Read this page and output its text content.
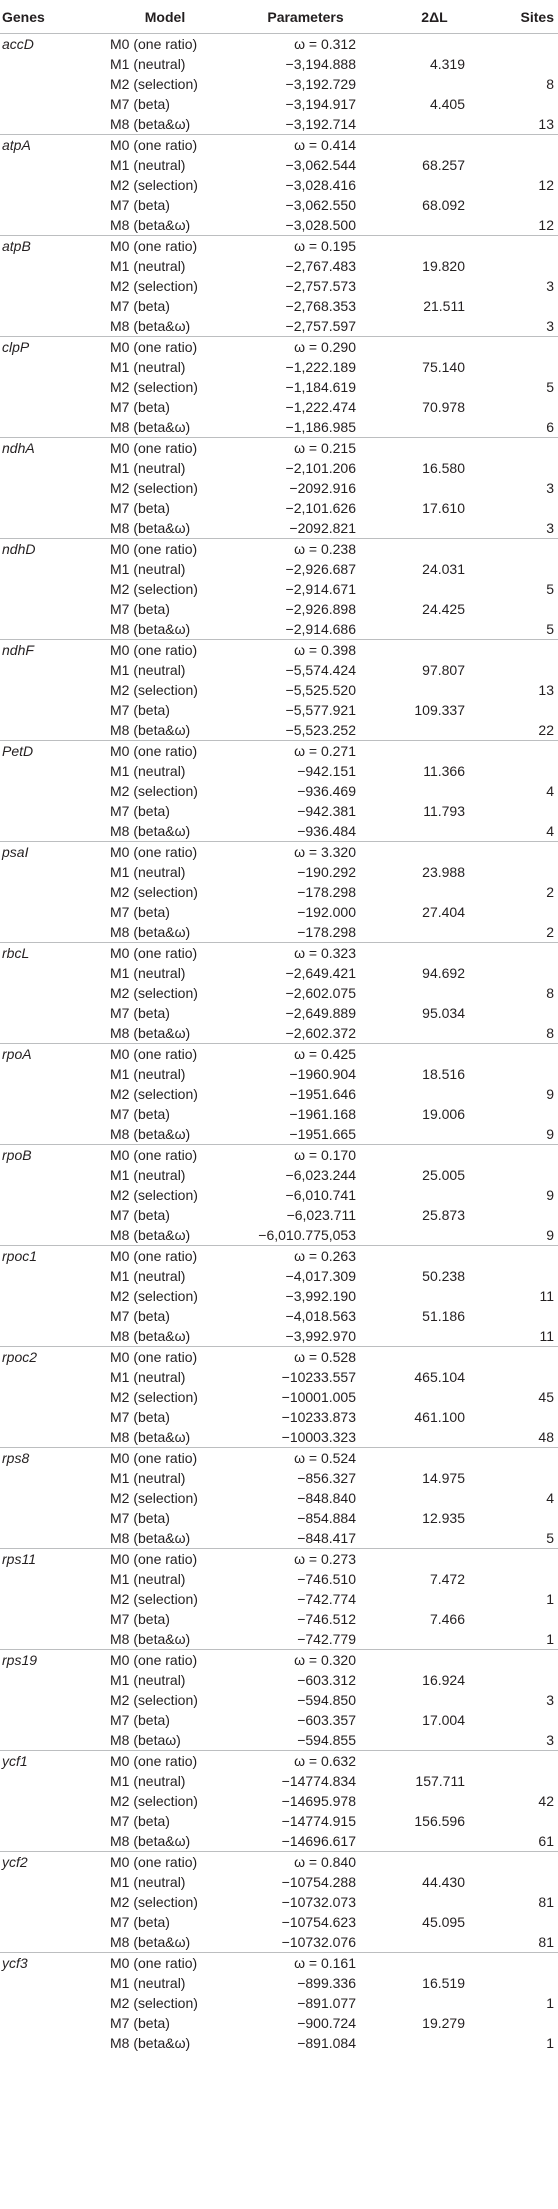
Genes	Model	Parameters	2ΔL	Sites
accD	M0 (one ratio)	ω = 0.312		
	M1 (neutral)	−3,194.888	4.319	
	M2 (selection)	−3,192.729		8
	M7 (beta)	−3,194.917	4.405	
	M8 (beta&ω)	−3,192.714		13
atpA	M0 (one ratio)	ω = 0.414		
	M1 (neutral)	−3,062.544	68.257	
	M2 (selection)	−3,028.416		12
	M7 (beta)	−3,062.550	68.092	
	M8 (beta&ω)	−3,028.500		12
atpB	M0 (one ratio)	ω = 0.195		
	M1 (neutral)	−2,767.483	19.820	
	M2 (selection)	−2,757.573		3
	M7 (beta)	−2,768.353	21.511	
	M8 (beta&ω)	−2,757.597		3
clpP	M0 (one ratio)	ω = 0.290		
	M1 (neutral)	−1,222.189	75.140	
	M2 (selection)	−1,184.619		5
	M7 (beta)	−1,222.474	70.978	
	M8 (beta&ω)	−1,186.985		6
ndhA	M0 (one ratio)	ω = 0.215		
	M1 (neutral)	−2,101.206	16.580	
	M2 (selection)	−2092.916		3
	M7 (beta)	−2,101.626	17.610	
	M8 (beta&ω)	−2092.821		3
ndhD	M0 (one ratio)	ω = 0.238		
	M1 (neutral)	−2,926.687	24.031	
	M2 (selection)	−2,914.671		5
	M7 (beta)	−2,926.898	24.425	
	M8 (beta&ω)	−2,914.686		5
ndhF	M0 (one ratio)	ω = 0.398		
	M1 (neutral)	−5,574.424	97.807	
	M2 (selection)	−5,525.520		13
	M7 (beta)	−5,577.921	109.337	
	M8 (beta&ω)	−5,523.252		22
PetD	M0 (one ratio)	ω = 0.271		
	M1 (neutral)	−942.151	11.366	
	M2 (selection)	−936.469		4
	M7 (beta)	−942.381	11.793	
	M8 (beta&ω)	−936.484		4
psaI	M0 (one ratio)	ω = 3.320		
	M1 (neutral)	−190.292	23.988	
	M2 (selection)	−178.298		2
	M7 (beta)	−192.000	27.404	
	M8 (beta&ω)	−178.298		2
rbcL	M0 (one ratio)	ω = 0.323		
	M1 (neutral)	−2,649.421	94.692	
	M2 (selection)	−2,602.075		8
	M7 (beta)	−2,649.889	95.034	
	M8 (beta&ω)	−2,602.372		8
rpoA	M0 (one ratio)	ω = 0.425		
	M1 (neutral)	−1960.904	18.516	
	M2 (selection)	−1951.646		9
	M7 (beta)	−1961.168	19.006	
	M8 (beta&ω)	−1951.665		9
rpoB	M0 (one ratio)	ω = 0.170		
	M1 (neutral)	−6,023.244	25.005	
	M2 (selection)	−6,010.741		9
	M7 (beta)	−6,023.711	25.873	
	M8 (beta&ω)	−6,010.775,053		9
rpoc1	M0 (one ratio)	ω = 0.263		
	M1 (neutral)	−4,017.309	50.238	
	M2 (selection)	−3,992.190		11
	M7 (beta)	−4,018.563	51.186	
	M8 (beta&ω)	−3,992.970		11
rpoc2	M0 (one ratio)	ω = 0.528		
	M1 (neutral)	−10233.557	465.104	
	M2 (selection)	−10001.005		45
	M7 (beta)	−10233.873	461.100	
	M8 (beta&ω)	−10003.323		48
rps8	M0 (one ratio)	ω = 0.524		
	M1 (neutral)	−856.327	14.975	
	M2 (selection)	−848.840		4
	M7 (beta)	−854.884	12.935	
	M8 (beta&ω)	−848.417		5
rps11	M0 (one ratio)	ω = 0.273		
	M1 (neutral)	−746.510	7.472	
	M2 (selection)	−742.774		1
	M7 (beta)	−746.512	7.466	
	M8 (beta&ω)	−742.779		1
rps19	M0 (one ratio)	ω = 0.320		
	M1 (neutral)	−603.312	16.924	
	M2 (selection)	−594.850		3
	M7 (beta)	−603.357	17.004	
	M8 (betaω)	−594.855		3
ycf1	M0 (one ratio)	ω = 0.632		
	M1 (neutral)	−14774.834	157.711	
	M2 (selection)	−14695.978		42
	M7 (beta)	−14774.915	156.596	
	M8 (beta&ω)	−14696.617		61
ycf2	M0 (one ratio)	ω = 0.840		
	M1 (neutral)	−10754.288	44.430	
	M2 (selection)	−10732.073		81
	M7 (beta)	−10754.623	45.095	
	M8 (beta&ω)	−10732.076		81
ycf3	M0 (one ratio)	ω = 0.161		
	M1 (neutral)	−899.336	16.519	
	M2 (selection)	−891.077		1
	M7 (beta)	−900.724	19.279	
	M8 (beta&ω)	−891.084		1
